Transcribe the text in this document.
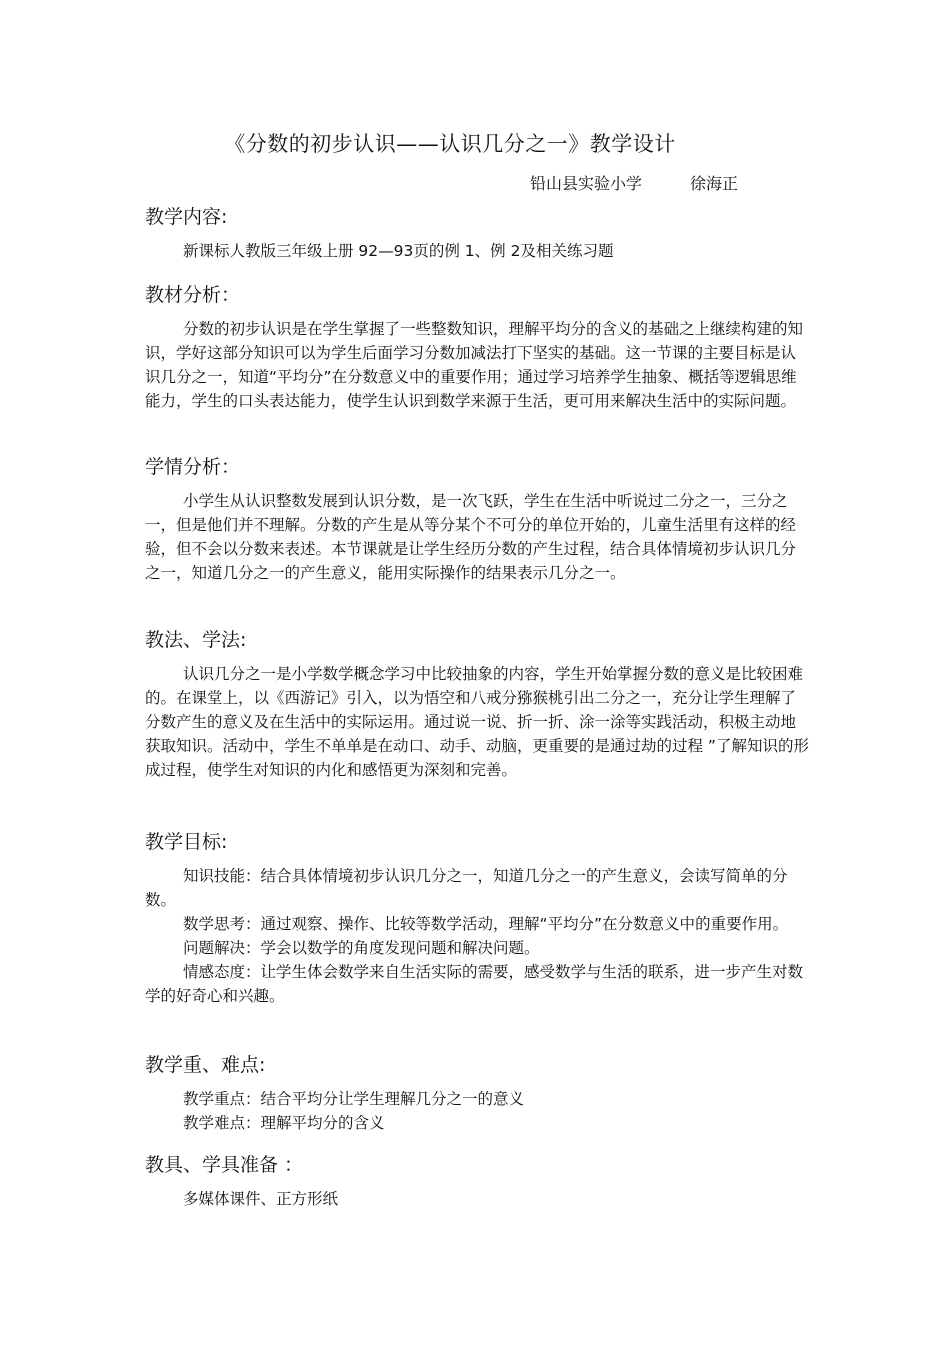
《分数的初步认识——认识几分之一》教学设计
铅山县实验小学	徐海正
教学内容:

新课标人教版三年级上册 92—93页的例 1、例 2及相关练习题

教材分析：

分数的初步认识是在学生掌握了一些整数知识，理解平均分的含义的基础之上继续构建的知识，学好这部分知识可以为学生后面学习分数加减法打下坚实的基础。这一节课的主要目标是认识几分之一，知道“平均分”在分数意义中的重要作用；通过学习培养学生抽象、概括等逻辑思维能力，学生的口头表达能力，使学生认识到数学来源于生活，更可用来解决生活中的实际问题。

学情分析：

小学生从认识整数发展到认识分数，是一次飞跃，学生在生活中听说过二分之一，三分之一，但是他们并不理解。分数的产生是从等分某个不可分的单位开始的，儿童生活里有这样的经验，但不会以分数来表述。本节课就是让学生经历分数的产生过程，结合具体情境初步认识几分之一，知道几分之一的产生意义，能用实际操作的结果表示几分之一。

教法、学法:

认识几分之一是小学数学概念学习中比较抽象的内容，学生开始掌握分数的意义是比较困难的。在课堂上，以《西游记》引入，以为悟空和八戒分猕猴桃引出二分之一，充分让学生理解了分数产生的意义及在生活中的实际运用。通过说一说、折一折、涂一涂等实践活动，积极主动地获取知识。活动中，学生不单单是在动口、动手、动脑，更重要的是通过劫的过程 ”了解知识的形成过程，使学生对知识的内化和感悟更为深刻和完善。

教学目标:

知识技能：结合具体情境初步认识几分之一，知道几分之一的产生意义，会读写简单的分数。

数学思考：通过观察、操作、比较等数学活动，理解“平均分”在分数意义中的重要作用。

问题解决：学会以数学的角度发现问题和解决问题。

情感态度：让学生体会数学来自生活实际的需要，感受数学与生活的联系，进一步产生对数学的好奇心和兴趣。

教学重、难点:

教学重点：结合平均分让学生理解几分之一的意义

教学难点：理解平均分的含义

教具、学具准备 ：

多媒体课件、正方形纸
